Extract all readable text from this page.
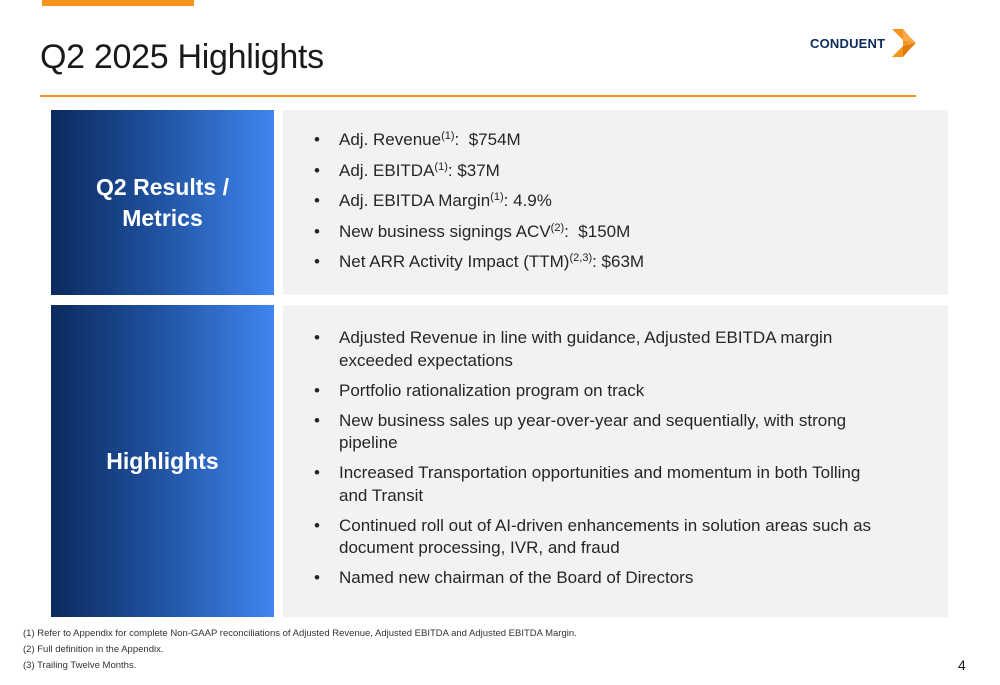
Q2 2025 Highlights	CONDUENT
Q2 Results / Metrics
• Adj. Revenue$^{(1)}$:  $754M
• Adj. EBITDA$^{(1)}$: $37M
• Adj. EBITDA Margin$^{(1)}$: 4.9%
• New business signings ACV$^{(2)}$:  $150M
• Net ARR Activity Impact (TTM)$^{(2,3)}$: $63M
Highlights
• Adjusted Revenue in line with guidance, Adjusted EBITDA margin exceeded expectations
• Portfolio rationalization program on track
• New business sales up year-over-year and sequentially, with strong pipeline
• Increased Transportation opportunities and momentum in both Tolling and Transit
• Continued roll out of AI-driven enhancements in solution areas such as document processing, IVR, and fraud
• Named new chairman of the Board of Directors
(1) Refer to Appendix for complete Non-GAAP reconciliations of Adjusted Revenue, Adjusted EBITDA and Adjusted EBITDA Margin.
(2) Full definition in the Appendix.
(3) Trailing Twelve Months.	4
